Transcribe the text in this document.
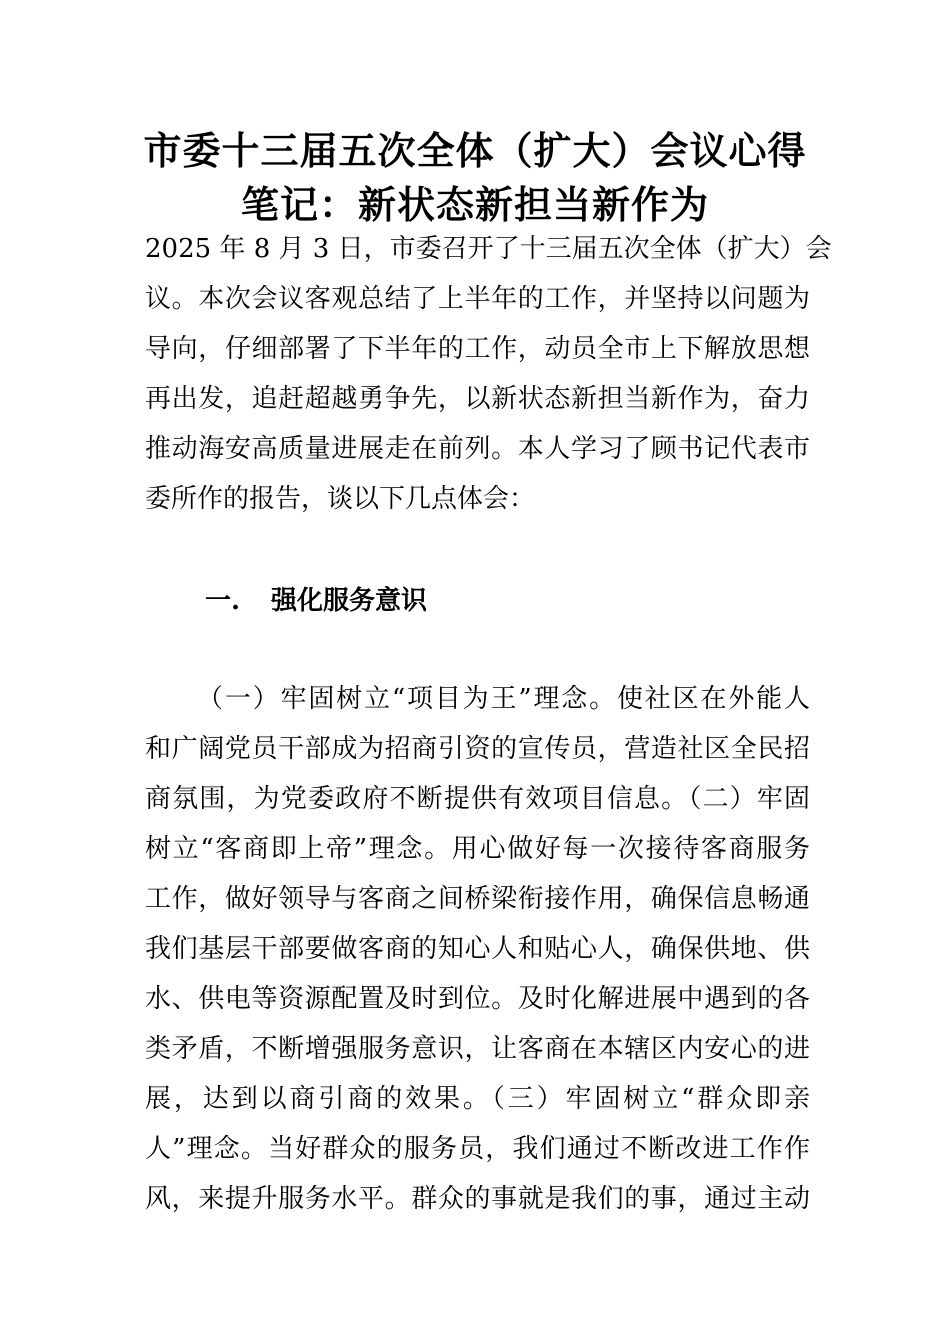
市委十三届五次全体（扩大）会议心得
笔记：新状态新担当新作为

2025 年 8 月 3 日，市委召开了十三届五次全体（扩大）会
议。本次会议客观总结了上半年的工作，并坚持以问题为
导向，仔细部署了下半年的工作，动员全市上下解放思想
再出发，追赶超越勇争先，以新状态新担当新作为，奋力
推动海安高质量进展走在前列。本人学习了顾书记代表市
委所作的报告，谈以下几点体会：

一. 强化服务意识

（一）牢固树立“项目为王”理念。使社区在外能人
和广阔党员干部成为招商引资的宣传员，营造社区全民招
商氛围，为党委政府不断提供有效项目信息。（二）牢固
树立“客商即上帝”理念。用心做好每一次接待客商服务
工作，做好领导与客商之间桥梁衔接作用，确保信息畅通
我们基层干部要做客商的知心人和贴心人，确保供地、供
水、供电等资源配置及时到位。及时化解进展中遇到的各
类矛盾，不断增强服务意识，让客商在本辖区内安心的进
展，达到以商引商的效果。（三）牢固树立“群众即亲
人”理念。当好群众的服务员，我们通过不断改进工作作
风，来提升服务水平。群众的事就是我们的事，通过主动
